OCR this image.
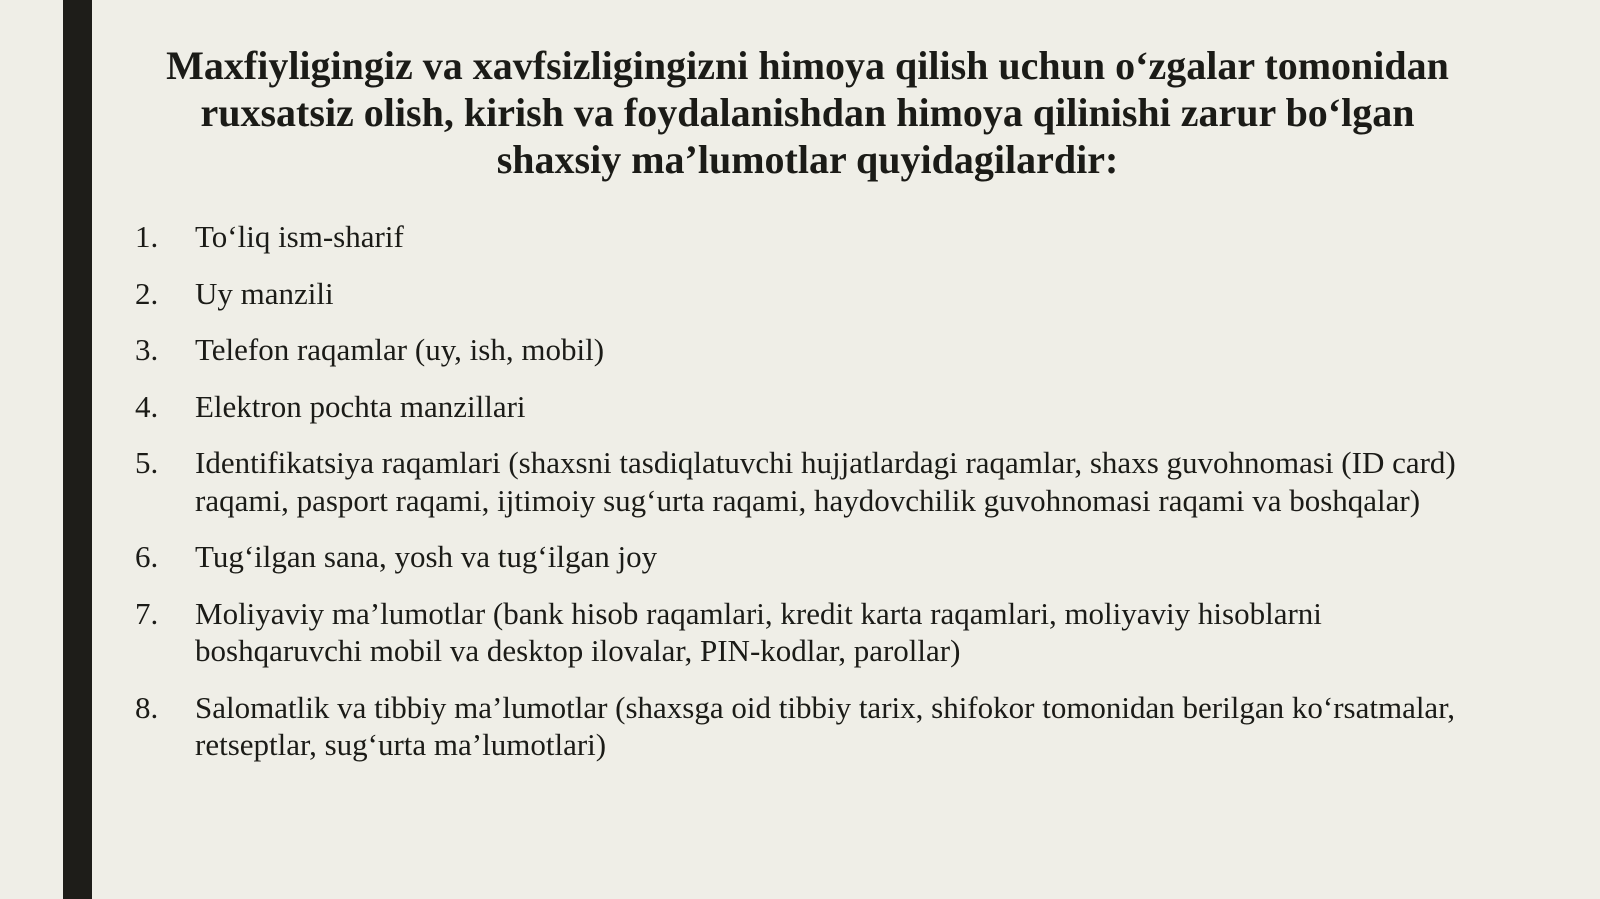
Maxfiyligingiz va xavfsizligingizni himoya qilish uchun o‘zgalar tomonidan ruxsatsiz olish, kirish va foydalanishdan himoya qilinishi zarur bo‘lgan shaxsiy ma’lumotlar quyidagilardir:
1.	To‘liq ism-sharif
2.	Uy manzili
3.	Telefon raqamlar (uy, ish, mobil)
4.	Elektron pochta manzillari
5.	Identifikatsiya raqamlari (shaxsni tasdiqlatuvchi hujjatlardagi raqamlar, shaxs guvohnomasi (ID card) raqami, pasport raqami, ijtimoiy sug‘urta raqami, haydovchilik guvohnomasi raqami va boshqalar)
6.	Tug‘ilgan sana, yosh va tug‘ilgan joy
7.	Moliyaviy ma’lumotlar (bank hisob raqamlari, kredit karta raqamlari, moliyaviy hisoblarni boshqaruvchi mobil va desktop ilovalar, PIN-kodlar, parollar)
8.	Salomatlik va tibbiy ma’lumotlar (shaxsga oid tibbiy tarix, shifokor tomonidan berilgan ko‘rsatmalar, retseptlar, sug‘urta ma’lumotlari)
